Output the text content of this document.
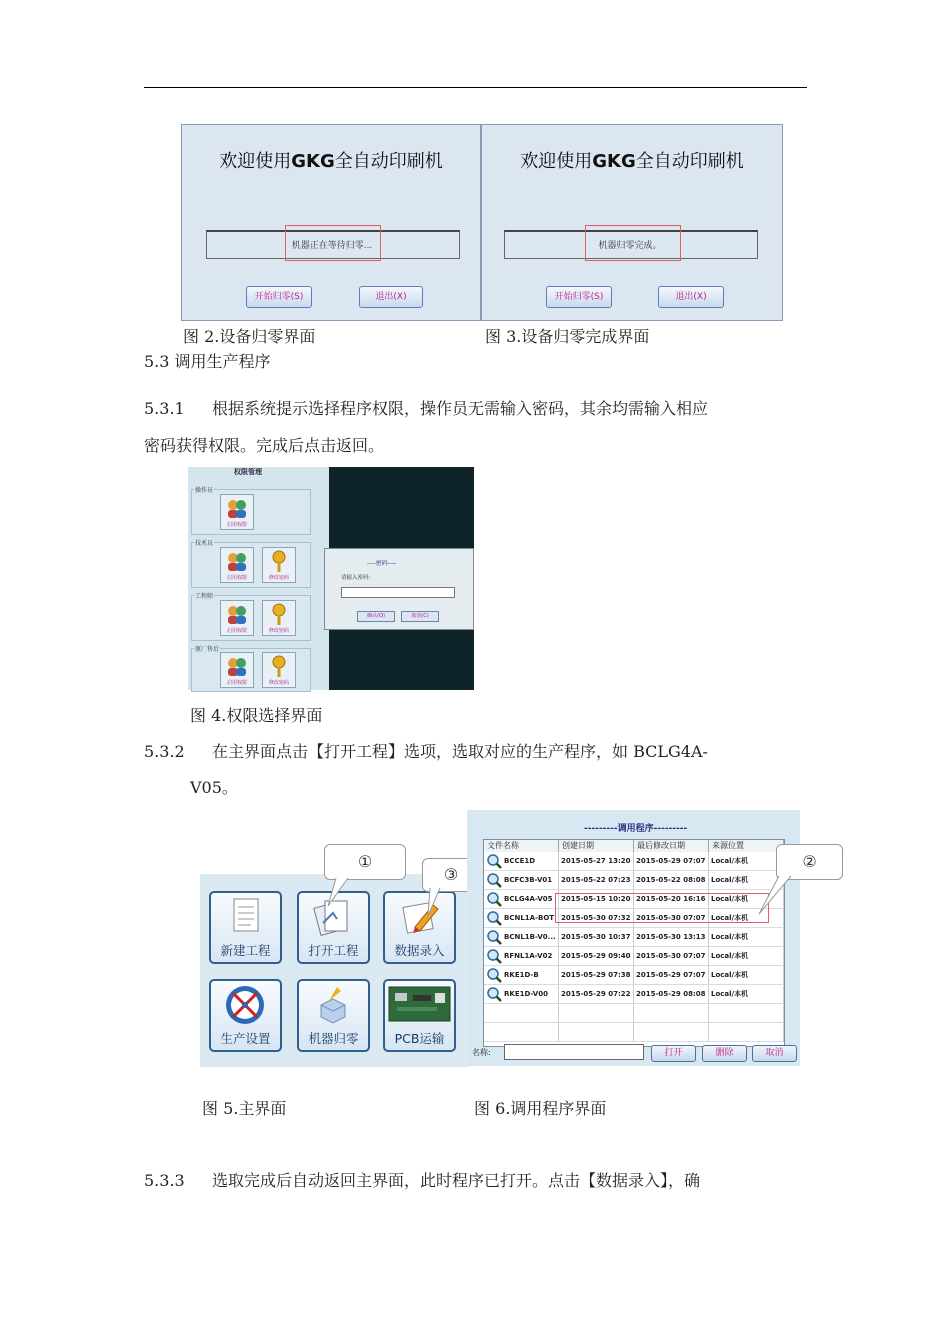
欢迎使用GKG全自动印刷机
机器正在等待归零...
开始归零(S)	退出(X)
欢迎使用GKG全自动印刷机
机器归零完成。
开始归零(S)	退出(X)
图 2.设备归零界面	图 3.设备归零完成界面
5.3 调用生产程序
5.3.1 根据系统提示选择程序权限，操作员无需输入密码，其余均需输入相应
密码获得权限。完成后点击返回。
权限管理
操作员
启用权限
技术员
启用权限	修改密码
工程师
启用权限	修改密码
原厂售后
启用权限	修改密码
----密码----
请输入密码:
确认(O)	取消(C)
图 4.权限选择界面
5.3.2 在主界面点击【打开工程】选项，选取对应的生产程序，如 BCLG4A-
V05。
新建工程	打开工程	数据录入
生产设置	机器归零	PCB运输
①
③
---------调用程序---------
文件名称	创建日期	最后修改日期	来源位置
BCCE1D	2015-05-27 13:20 2015-05-29 07:07 Local/本机
BCFC3B-V01	2015-05-22 07:23 2015-05-22 08:08 Local/本机
BCLG4A-V05	2015-05-15 10:20 2015-05-20 16:16 Local/本机
BCNL1A-BOT 2015-05-30 07:32 2015-05-30 07:07 Local/本机
BCNL1B-V0... 2015-05-30 10:37 2015-05-30 13:13 Local/本机
RFNL1A-V02	2015-05-29 09:40 2015-05-30 07:07 Local/本机
RKE1D-B	2015-05-29 07:38 2015-05-29 07:07 Local/本机
RKE1D-V00	2015-05-29 07:22 2015-05-29 08:08 Local/本机
名称:	打开	删除	取消
②
图 5.主界面	图 6.调用程序界面
5.3.3 选取完成后自动返回主界面，此时程序已打开。点击【数据录入】，确
